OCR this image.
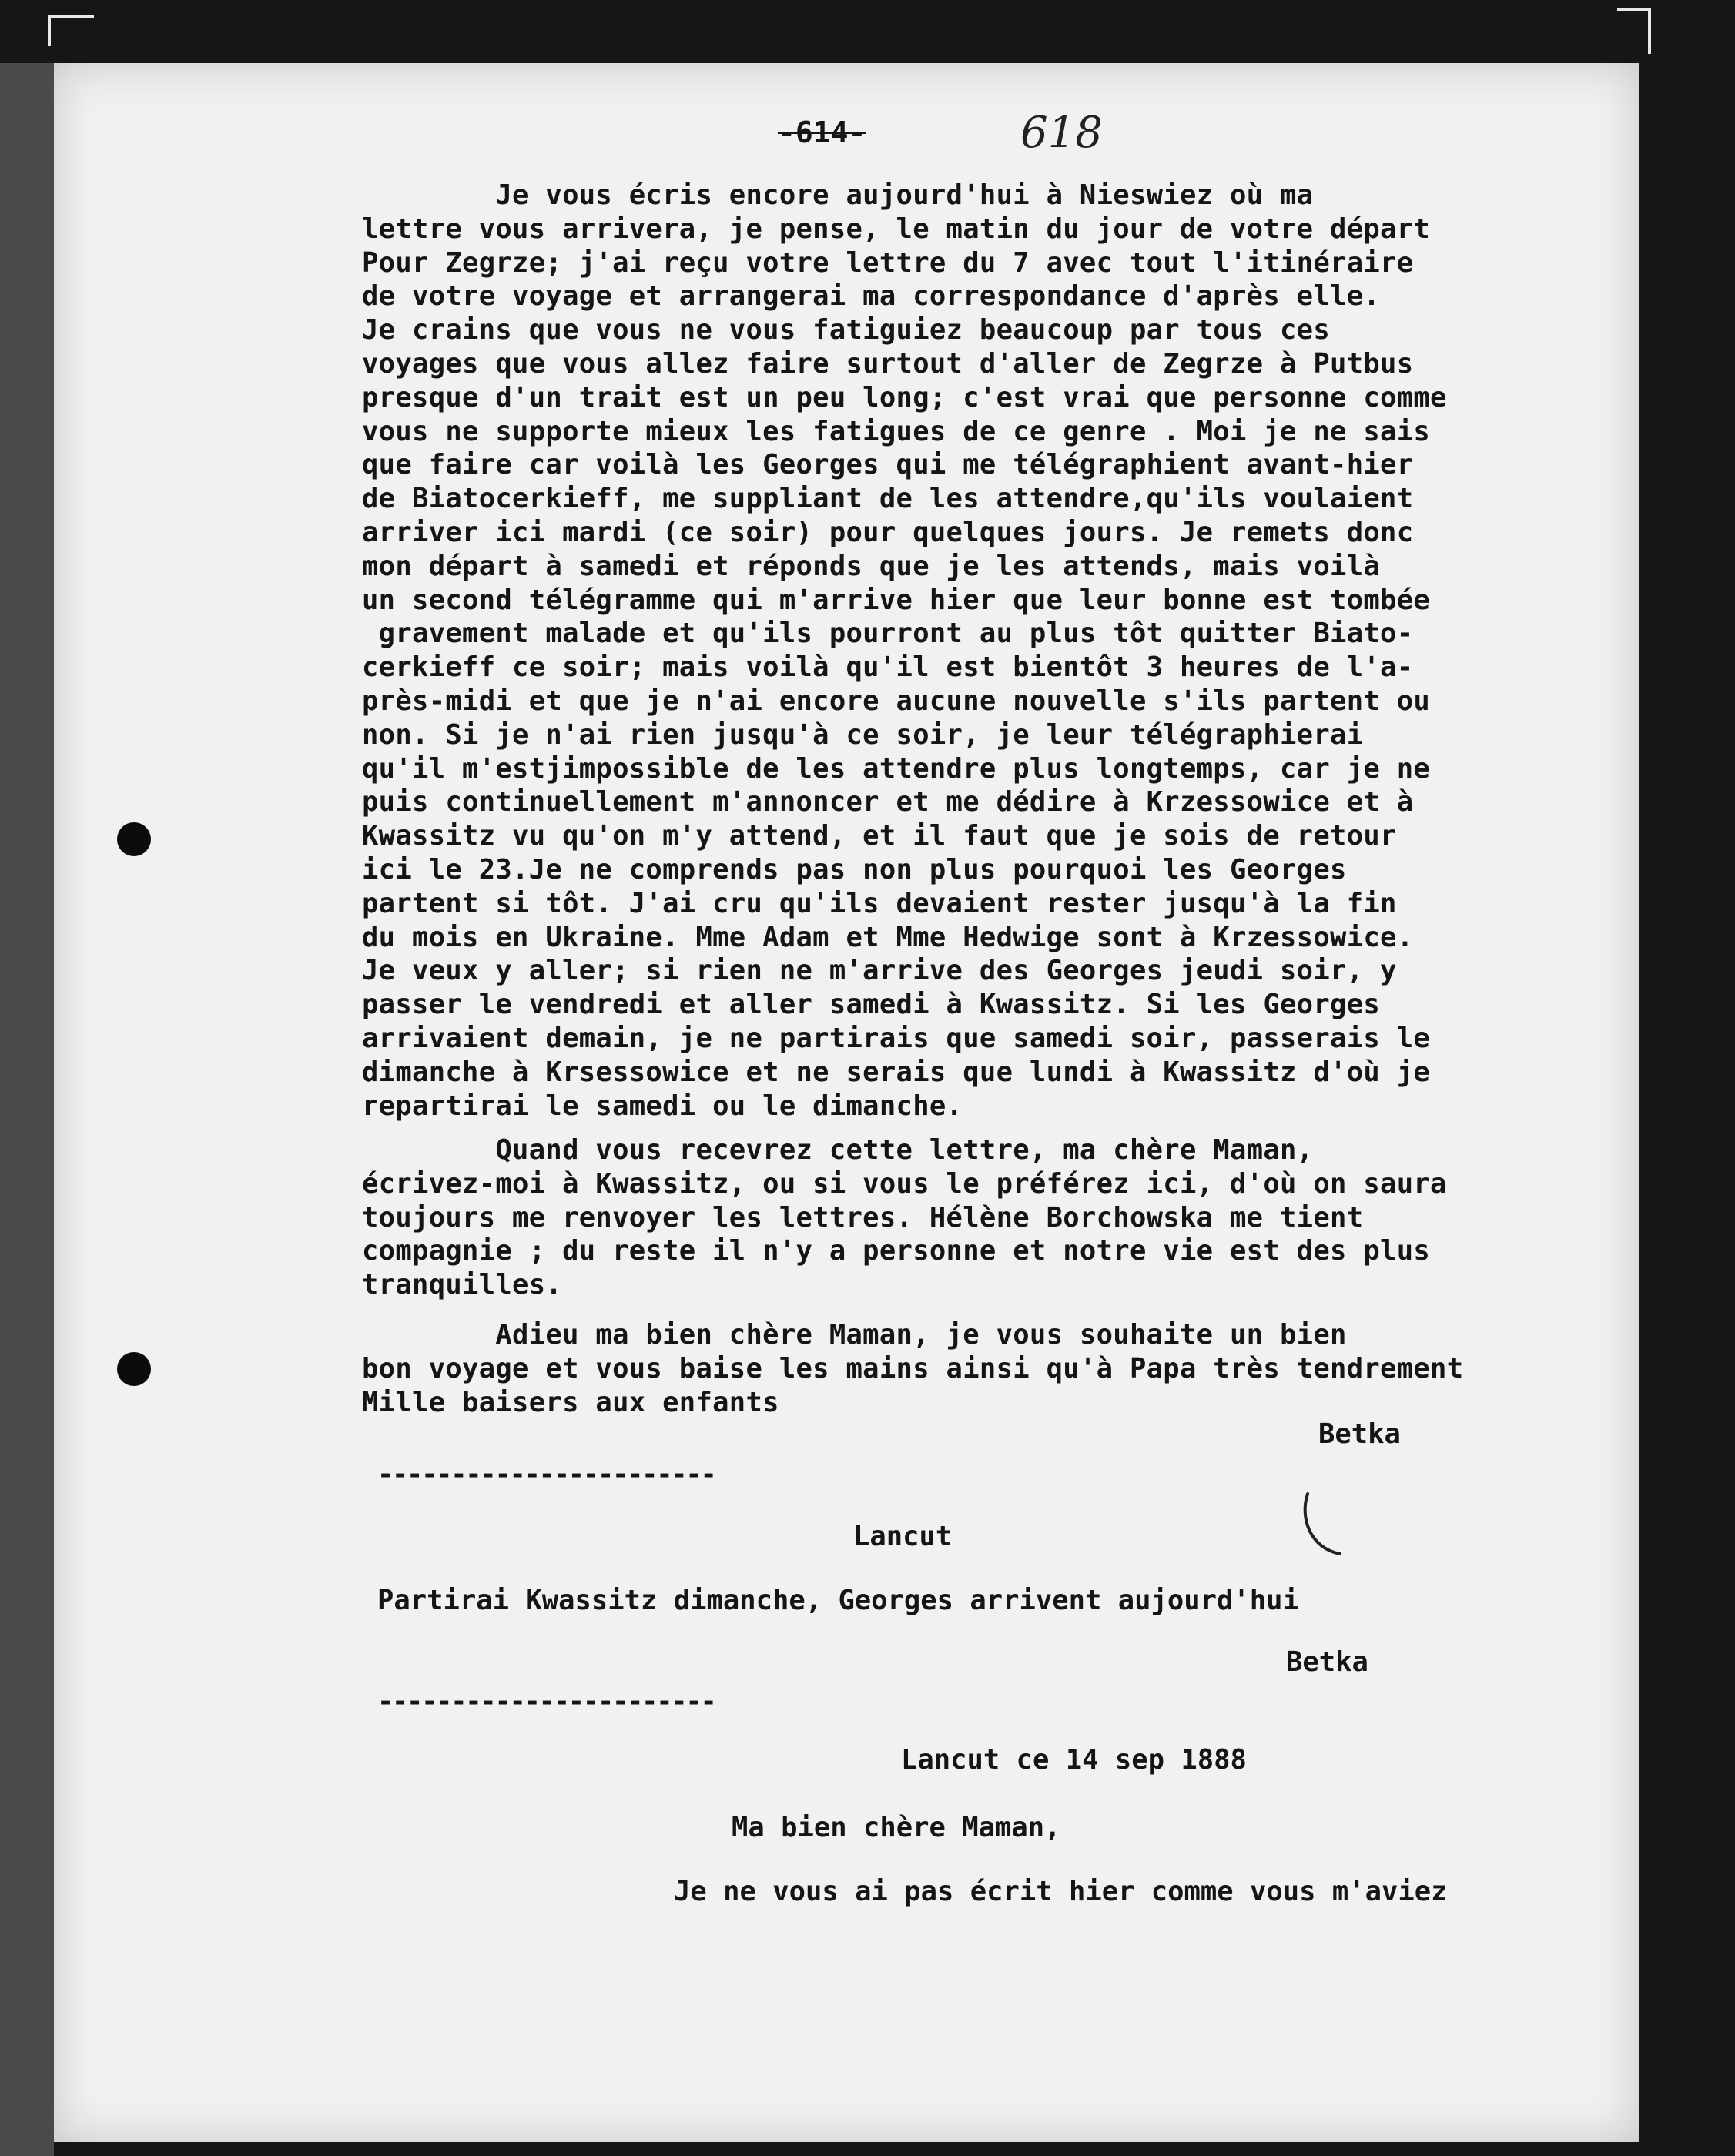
-614-	618
Je vous écris encore aujourd'hui à Nieswiez où ma
lettre vous arrivera, je pense, le matin du jour de votre départ
Pour Zegrze; j'ai reçu votre lettre du 7 avec tout l'itinéraire
de votre voyage et arrangerai ma correspondance d'après elle.
Je crains que vous ne vous fatiguiez beaucoup par tous ces
voyages que vous allez faire surtout d'aller de Zegrze à Putbus
presque d'un trait est un peu long; c'est vrai que personne comme
vous ne supporte mieux les fatigues de ce genre . Moi je ne sais
que faire car voilà les Georges qui me télégraphient avant-hier
de Biatocerkieff, me suppliant de les attendre,qu'ils voulaient
arriver ici mardi (ce soir) pour quelques jours. Je remets donc
mon départ à samedi et réponds que je les attends, mais voilà
un second télégramme qui m'arrive hier que leur bonne est tombée
gravement malade et qu'ils pourront au plus tôt quitter Biato-
cerkieff ce soir; mais voilà qu'il est bientôt 3 heures de l'a-
près-midi et que je n'ai encore aucune nouvelle s'ils partent ou
non. Si je n'ai rien jusqu'à ce soir, je leur télégraphierai
qu'il m'estjimpossible de les attendre plus longtemps, car je ne
puis continuellement m'annoncer et me dédire à Krzessowice et à
Kwassitz vu qu'on m'y attend, et il faut que je sois de retour
ici le 23.Je ne comprends pas non plus pourquoi les Georges
partent si tôt. J'ai cru qu'ils devaient rester jusqu'à la fin
du mois en Ukraine. Mme Adam et Mme Hedwige sont à Krzessowice.
Je veux y aller; si rien ne m'arrive des Georges jeudi soir, y
passer le vendredi et aller samedi à Kwassitz. Si les Georges
arrivaient demain, je ne partirais que samedi soir, passerais le
dimanche à Krsessowice et ne serais que lundi à Kwassitz d'où je
repartirai le samedi ou le dimanche.
Quand vous recevrez cette lettre, ma chère Maman,
écrivez-moi à Kwassitz, ou si vous le préférez ici, d'où on saura
toujours me renvoyer les lettres. Hélène Borchowska me tient
compagnie ; du reste il n'y a personne et notre vie est des plus
tranquilles.
Adieu ma bien chère Maman, je vous souhaite un bien
bon voyage et vous baise les mains ainsi qu'à Papa très tendrement
Mille baisers aux enfants
Betka
-----------------------
Lancut
Partirai Kwassitz dimanche, Georges arrivent aujourd'hui
Betka
-----------------------
Lancut ce 14 sep 1888
Ma bien chère Maman,
Je ne vous ai pas écrit hier comme vous m'aviez
